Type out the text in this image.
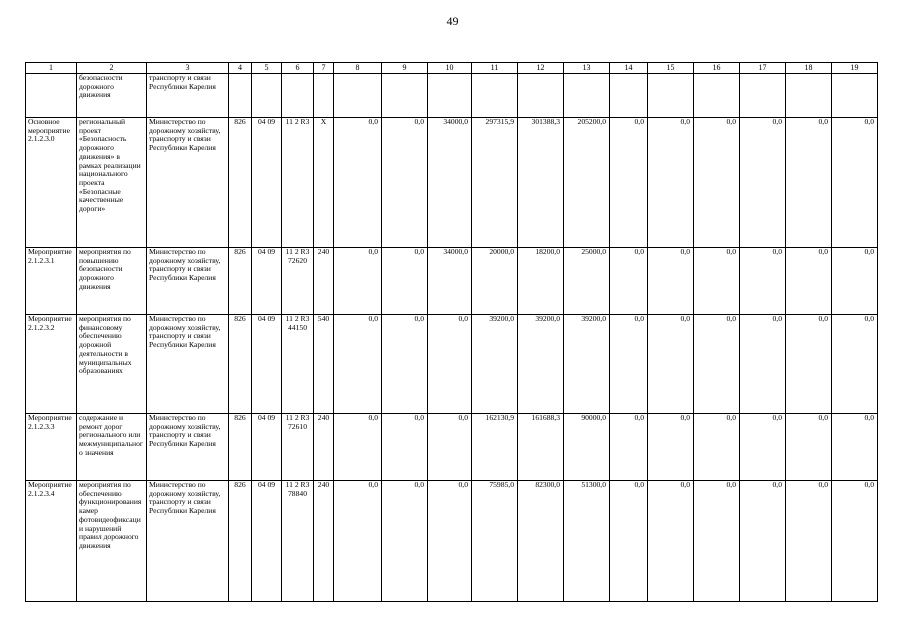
49
1	2	3	4	5	6	7	8	9	10	11	12	13	14	15	16	17	18	19
	безопасности дорожного движения	транспорту и связи Республики Карелия																
Основное мероприятие 2.1.2.3.0	региональный проект «Безопасность дорожного движения» в рамках реализации национального проекта «Безопасные качественные дороги»	Министерство по дорожному хозяйству, транспорту и связи Республики Карелия	826	04 09	11 2 R3	X	0,0	0,0	34000,0	297315,9	301388,3	205200,0	0,0	0,0	0,0	0,0	0,0	0,0
Мероприятие 2.1.2.3.1	мероприятия по повышению безопасности дорожного движения	Министерство по дорожному хозяйству, транспорту и связи Республики Карелия	826	04 09	11 2 R3 72620	240	0,0	0,0	34000,0	20000,0	18200,0	25000,0	0,0	0,0	0,0	0,0	0,0	0,0
Мероприятие 2.1.2.3.2	мероприятия по финансовому обеспечению дорожной деятельности в муниципальных образованиях	Министерство по дорожному хозяйству, транспорту и связи Республики Карелия	826	04 09	11 2 R3 44150	540	0,0	0,0	0,0	39200,0	39200,0	39200,0	0,0	0,0	0,0	0,0	0,0	0,0
Мероприятие 2.1.2.3.3	содержание и ремонт дорог регионального или межмуниципального значения	Министерство по дорожному хозяйству, транспорту и связи Республики Карелия	826	04 09	11 2 R3 72610	240	0,0	0,0	0,0	162130,9	161688,3	90000,0	0,0	0,0	0,0	0,0	0,0	0,0
Мероприятие 2.1.2.3.4	мероприятия по обеспечению функционирования камер фотовидеофиксации нарушений правил дорожного движения	Министерство по дорожному хозяйству, транспорту и связи Республики Карелия	826	04 09	11 2 R3 78840	240	0,0	0,0	0,0	75985,0	82300,0	51300,0	0,0	0,0	0,0	0,0	0,0	0,0
